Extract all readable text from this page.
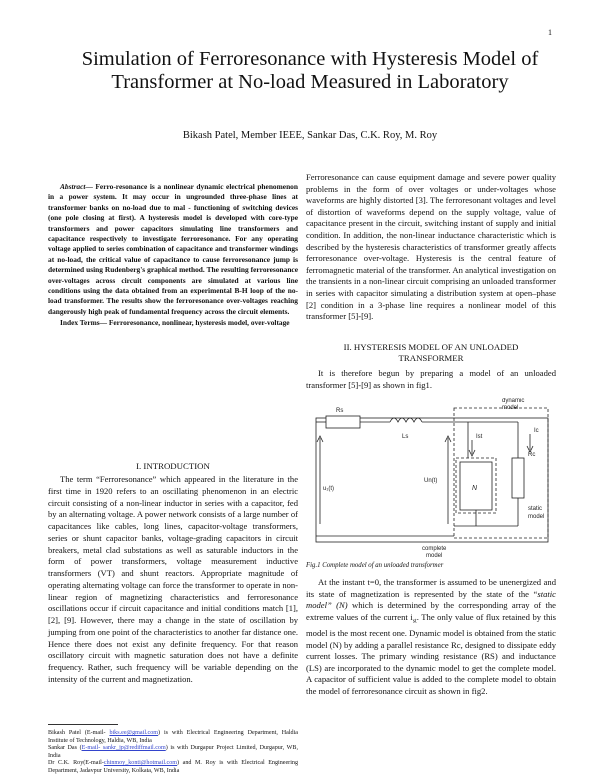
1
Simulation of Ferroresonance with Hysteresis Model of Transformer at No-load Measured in Laboratory
Bikash Patel, Member IEEE, Sankar Das, C.K. Roy, M. Roy
Abstract— Ferro-resonance is a nonlinear dynamic electrical phenomenon in a power system. It may occur in ungrounded three-phase lines at transformer banks on no-load due to mal - functioning of switching devices (one pole closing at first). A hysteresis model is developed with core-type transformers and power capacitors simulating line transformers and capacitance respectively to investigate ferroresonance. For any operating voltage applied to series combination of capacitance and transformer windings at no-load, the critical value of capacitance to cause ferroresonance jump is determined using Rudenberg's graphical method. The resulting ferroresonance over-voltages across circuit components are simulated at various line conditions using the data obtained from an experimental B-H loop of the no-load transformer. The results show the ferroresonance over-voltages reaching dangerously high peak of fundamental frequency across the circuit elements.
Index Terms— Ferroresonance, nonlinear, hysteresis model, over-voltage
I. INTRODUCTION

The term “Ferroresonance” which appeared in the literature in the first time in 1920 refers to an oscillating phenomenon in an electric circuit consisting of a non-linear inductor in series with a capacitor, fed by an alternating voltage. A power network consists of a large number of capacitances like cables, long lines, capacitor-voltage transformers, series or shunt capacitor banks, voltage-grading capacitors in circuit breakers, metal clad substations as well as saturable inductors in the form of power transformers, voltage measurement inductive transformers (VT) and shunt reactors. Appropriate magnitude of operating alternating voltage can force the transformer to operate in non-linear region of magnetizing characteristics and ferroresonance oscillations occur if circuit capacitance and initial conditions match [1], [2], [9]. However, there may a change in the state of oscillation by jumping from one point of the characteristics to another far distance one. Hence there does not exist any definite frequency. For that reason oscillatory circuit with magnetic saturation does not have a definite frequency. Rather, such frequency will be variable depending on the intensity of the current and magnetization.

Ferroresonance can cause equipment damage and severe power quality problems in the form of over voltages or under-voltages whose waveforms are highly distorted [3]. The ferroresonant voltages and level of distortion of waveforms depend on the supply voltage, value of capacitance present in the circuit, switching instant of supply and initial condition. In addition, the non-linear inductance characteristic which is described by the hysteresis characteristics of transformer greatly affects ferroresonance over-voltage. Hysteresis is the central feature of ferromagnetic material of the transformer. An analytical investigation on the transients in a non-linear circuit comprising an unloaded transformer in series with capacitor simulating a distribution system at open–phase [2] condition in a 3-phase line requires a nonlinear model of this transformer [5]-[9].

II. HYSTERESIS MODEL OF AN UNLOADED TRANSFORMER

It is therefore begun by preparing a model of an unloaded transformer [5]-[9] as shown in fig1.

Rs
Ls
dynamic
model
Ist
Ic
Rc
u₁(t)
Un(t)
N
static
model
complete
model
Fig.1 Complete model of an unloaded transformer

At the instant t=0, the transformer is assumed to be unenergized and its state of magnetization is represented by the state of the “static model” (N) which is determined by the corresponding array of the extreme values of the current $i_{st}$. The only value of flux retained by this model is the most recent one. Dynamic model is obtained from the static model (N) by adding a parallel resistance Rc, designed to dissipate eddy current losses. The primary winding resistance (RS) and inductance (LS) are incorporated to the dynamic model to get the complete model. A capacitor of sufficient value is added to the complete model to obtain the model of ferroresonance circuit as shown in fig2.

Bikash Patel (E-mail- biks.ee@gmail.com) is with Electrical Engineering Department, Haldia Institute of Technology, Haldia, WB, India
Sankar Das (E-mail- sankr_jp@rediffmail.com) is with Durgapur Project Limited, Durgapur, WB, India
Dr C.K. Roy(E-mail-chinmoy_konti@hotmail.com) and M. Roy is with Electrical Engineering Department, Jadavpur University, Kolkata, WB, India
